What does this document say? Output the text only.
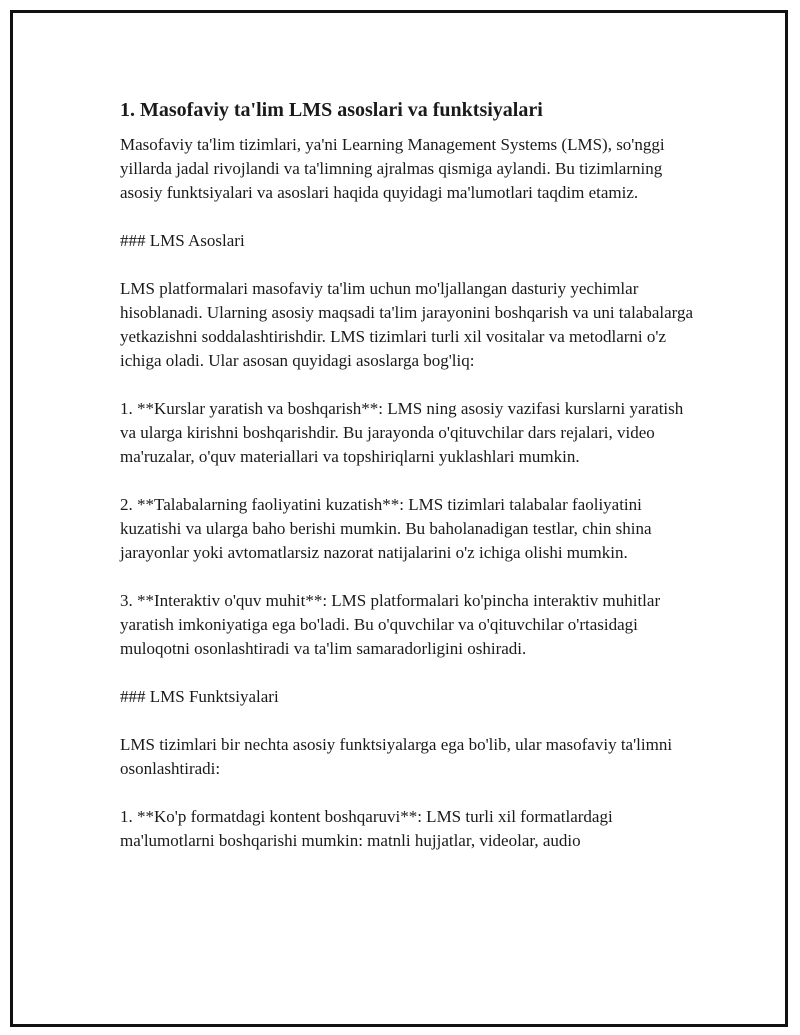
1. Masofaviy ta'lim LMS asoslari va funktsiyalari

Masofaviy ta'lim tizimlari, ya'ni Learning Management Systems (LMS), so'nggi yillarda jadal rivojlandi va ta'limning ajralmas qismiga aylandi. Bu tizimlarning asosiy funktsiyalari va asoslari haqida quyidagi ma'lumotlari taqdim etamiz.

### LMS Asoslari

LMS platformalari masofaviy ta'lim uchun mo'ljallangan dasturiy yechimlar hisoblanadi. Ularning asosiy maqsadi ta'lim jarayonini boshqarish va uni talabalarga yetkazishni soddalashtirishdir. LMS tizimlari turli xil vositalar va metodlarni o'z ichiga oladi. Ular asosan quyidagi asoslarga bog'liq:

1. **Kurslar yaratish va boshqarish**: LMS ning asosiy vazifasi kurslarni yaratish va ularga kirishni boshqarishdir. Bu jarayonda o'qituvchilar dars rejalari, video ma'ruzalar, o'quv materiallari va topshiriqlarni yuklashlari mumkin.

2. **Talabalarning faoliyatini kuzatish**: LMS tizimlari talabalar faoliyatini kuzatishi va ularga baho berishi mumkin. Bu baholanadigan testlar, chin shina jarayonlar yoki avtomatlarsiz nazorat natijalarini o'z ichiga olishi mumkin.

3. **Interaktiv o'quv muhit**: LMS platformalari ko'pincha interaktiv muhitlar yaratish imkoniyatiga ega bo'ladi. Bu o'quvchilar va o'qituvchilar o'rtasidagi muloqotni osonlashtiradi va ta'lim samaradorligini oshiradi.

### LMS Funktsiyalari

LMS tizimlari bir nechta asosiy funktsiyalarga ega bo'lib, ular masofaviy ta'limni osonlashtiradi:

1. **Ko'p formatdagi kontent boshqaruvi**: LMS turli xil formatlardagi ma'lumotlarni boshqarishi mumkin: matnli hujjatlar, videolar, audio
